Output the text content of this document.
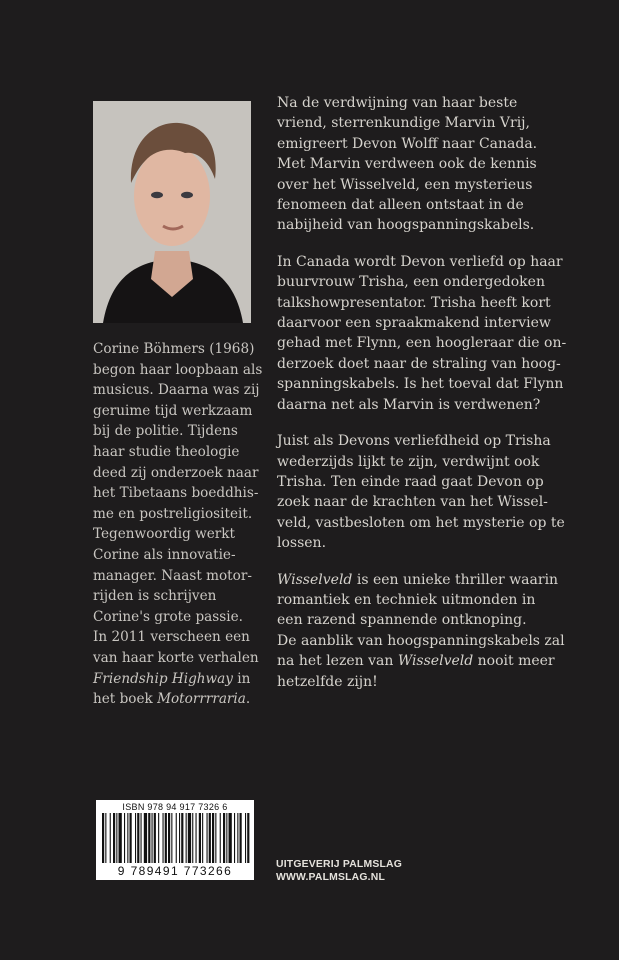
Corine Böhmers (1968)
begon haar loopbaan als
musicus. Daarna was zij
geruime tijd werkzaam
bij de politie. Tijdens
haar studie theologie
deed zij onderzoek naar
het Tibetaans boeddhis-
me en postreligiositeit.
Tegenwoordig werkt
Corine als innovatie-
manager. Naast motor-
rijden is schrijven
Corine's grote passie.
In 2011 verscheen een
van haar korte verhalen
Friendship Highway in
het boek Motorrrraria.
Na de verdwijning van haar beste
vriend, sterrenkundige Marvin Vrij,
emigreert Devon Wolff naar Canada.
Met Marvin verdween ook de kennis
over het Wisselveld, een mysterieus
fenomeen dat alleen ontstaat in de
nabijheid van hoogspanningskabels.
In Canada wordt Devon verliefd op haar
buurvrouw Trisha, een ondergedoken
talkshowpresentator. Trisha heeft kort
daarvoor een spraakmakend interview
gehad met Flynn, een hoogleraar die on-
derzoek doet naar de straling van hoog-
spanningskabels. Is het toeval dat Flynn
daarna net als Marvin is verdwenen?
Juist als Devons verliefdheid op Trisha
wederzijds lijkt te zijn, verdwijnt ook
Trisha. Ten einde raad gaat Devon op
zoek naar de krachten van het Wissel-
veld, vastbesloten om het mysterie op te
lossen.
Wisselveld is een unieke thriller waarin
romantiek en techniek uitmonden in
een razend spannende ontknoping.
De aanblik van hoogspanningskabels zal
na het lezen van Wisselveld nooit meer
hetzelfde zijn!
ISBN 978 94 917 7326 6
9 789491 773266	UITGEVERIJ PALMSLAG
WWW.PALMSLAG.NL
